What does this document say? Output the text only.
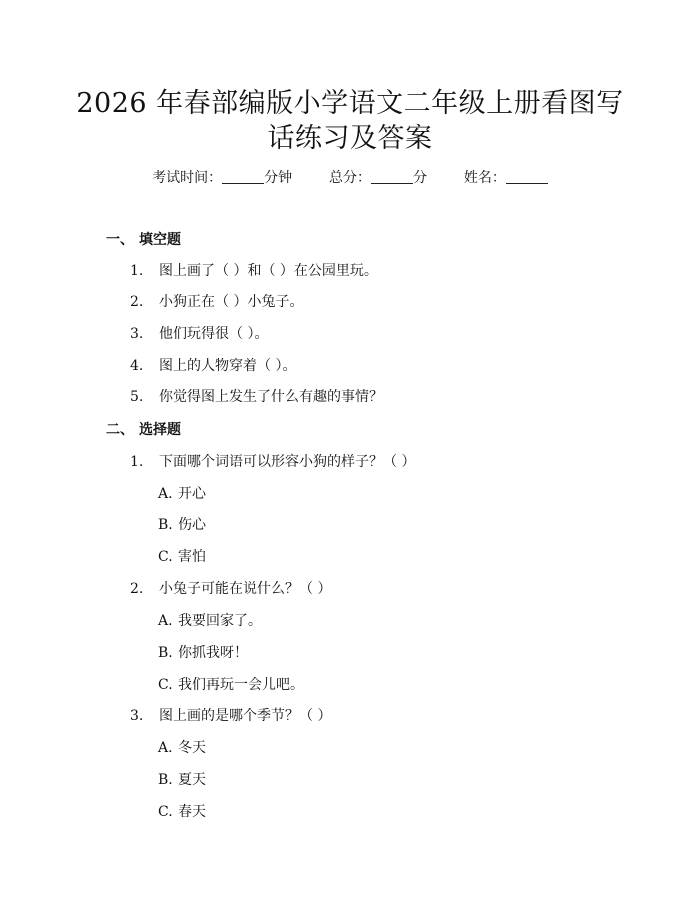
2026 年春部编版小学语文二年级上册看图写
话练习及答案
考试时间：	分钟	总分：	分	姓名：
一、 填空题
1. 图上画了（ ）和（ ）在公园里玩。
2. 小狗正在（ ）小兔子。
3. 他们玩得很（ ）。
4. 图上的人物穿着（ ）。
5. 你觉得图上发生了什么有趣的事情？
二、 选择题
1. 下面哪个词语可以形容小狗的样子？（ ）
A. 开心
B. 伤心
C. 害怕
2. 小兔子可能在说什么？（ ）
A. 我要回家了。
B. 你抓我呀！
C. 我们再玩一会儿吧。
3. 图上画的是哪个季节？（ ）
A. 冬天
B. 夏天
C. 春天
